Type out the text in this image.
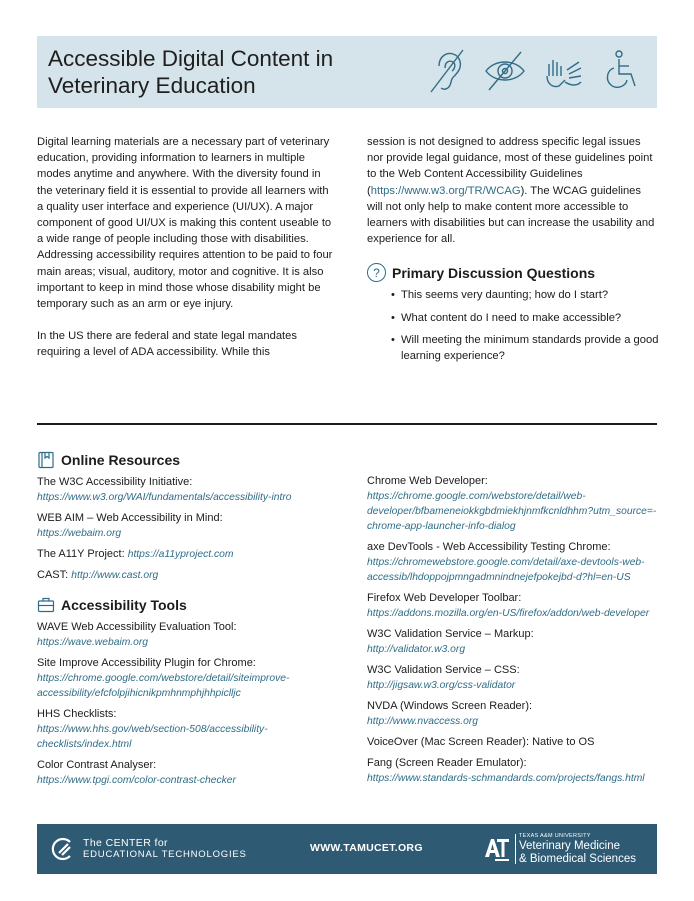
Accessible Digital Content in Veterinary Education

Digital learning materials are a necessary part of veterinary education, providing information to learners in multiple modes anytime and anywhere. With the diversity found in the veterinary field it is essential to provide all learners with a quality user interface and experience (UI/UX). A major component of good UI/UX is making this content useable to a wide range of people including those with disabilities. Addressing accessibility requires attention to be paid to four main areas; visual, auditory, motor and cognitive. It is also important to keep in mind those whose disability might be temporary such as an arm or eye injury.

In the US there are federal and state legal mandates requiring a level of ADA accessibility. While this

session is not designed to address specific legal issues nor provide legal guidance, most of these guidelines point to the Web Content Accessibility Guidelines (https://www.w3.org/TR/WCAG). The WCAG guidelines will not only help to make content more accessible to learners with disabilities but can increase the usability and experience for all.

? Primary Discussion Questions
• This seems very daunting; how do I start?
• What content do I need to make accessible?
• Will meeting the minimum standards provide a good learning experience?
Online Resources
The W3C Accessibility Initiative:
https://www.w3.org/WAI/fundamentals/accessibility-intro
WEB AIM – Web Accessibility in Mind:
https://webaim.org
The A11Y Project: https://a11yproject.com
CAST: http://www.cast.org
Accessibility Tools
WAVE Web Accessibility Evaluation Tool:
https://wave.webaim.org
Site Improve Accessibility Plugin for Chrome:
https://chrome.google.com/webstore/detail/siteimprove-accessibility/efcfolpjihicnikpmhnmphjhhpiclljc
HHS Checklists:
https://www.hhs.gov/web/section-508/accessibility-checklists/index.html
Color Contrast Analyser:
https://www.tpgi.com/color-contrast-checker
Chrome Web Developer:
https://chrome.google.com/webstore/detail/web-developer/bfbameneiokkgbdmiekhjnmfkcnldhhm?utm_source=-chrome-app-launcher-info-dialog
axe DevTools - Web Accessibility Testing Chrome:
https://chromewebstore.google.com/detail/axe-devtools-web-accessib/lhdoppojpmngadmnindnejefpokejbd-d?hl=en-US
Firefox Web Developer Toolbar:
https://addons.mozilla.org/en-US/firefox/addon/web-developer
W3C Validation Service – Markup:
http://validator.w3.org
W3C Validation Service – CSS:
http://jigsaw.w3.org/css-validator
NVDA (Windows Screen Reader):
http://www.nvaccess.org
VoiceOver (Mac Screen Reader): Native to OS
Fang (Screen Reader Emulator):
https://www.standards-schmandards.com/projects/fangs.html
The CENTER for
EDUCATIONAL TECHNOLOGIES
WWW.TAMUCET.ORG
TEXAS A&M UNIVERSITY
Veterinary Medicine
& Biomedical Sciences
